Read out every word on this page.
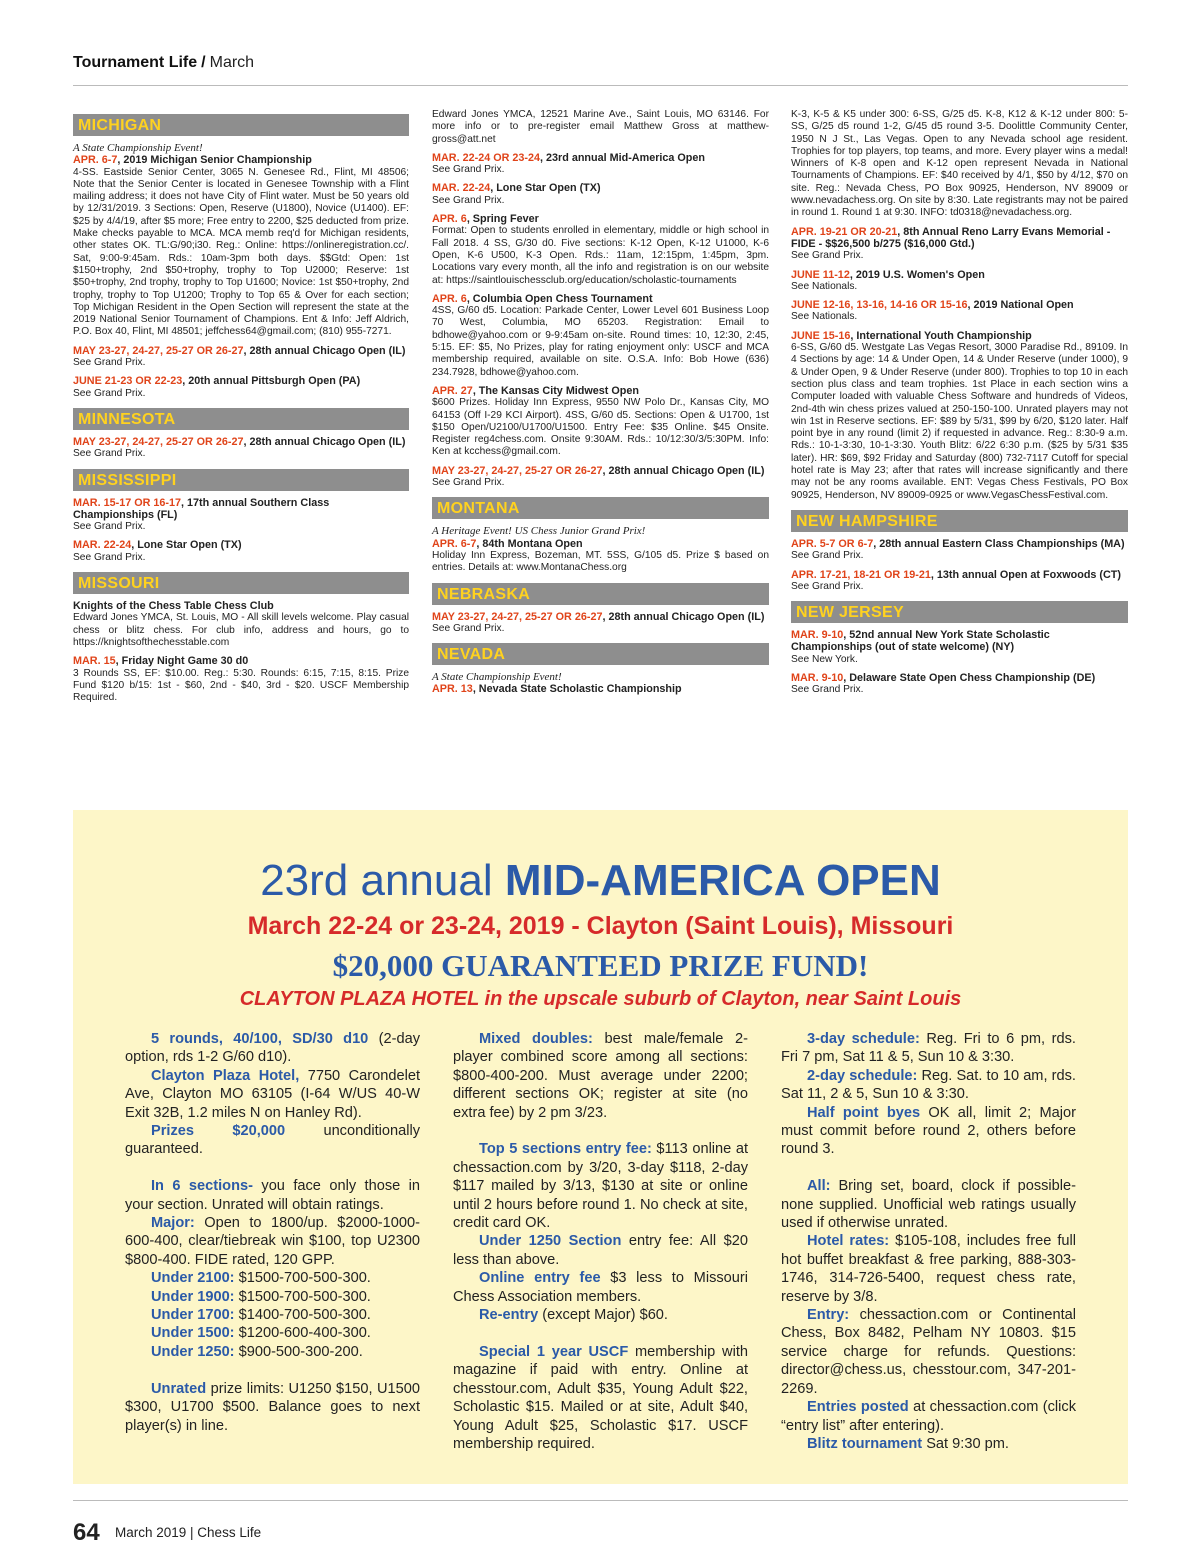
Tournament Life / March
MICHIGAN
A State Championship Event!
APR. 6-7, 2019 Michigan Senior Championship
4-SS. Eastside Senior Center, 3065 N. Genesee Rd., Flint, MI 48506; Note that the Senior Center is located in Genesee Township with a Flint mailing address; it does not have City of Flint water. Must be 50 years old by 12/31/2019. 3 Sections: Open, Reserve (U1800), Novice (U1400). EF: $25 by 4/4/19, after $5 more; Free entry to 2200, $25 deducted from prize. Make checks payable to MCA. MCA memb req'd for Michigan residents, other states OK. TL:G/90;i30. Reg.: Online: https://onlineregistration.cc/. Sat, 9:00-9:45am. Rds.: 10am-3pm both days. $$Gtd: Open: 1st $150+trophy, 2nd $50+trophy, trophy to Top U2000; Reserve: 1st $50+trophy, 2nd trophy, trophy to Top U1600; Novice: 1st $50+trophy, 2nd trophy, trophy to Top U1200; Trophy to Top 65 & Over for each section; Top Michigan Resident in the Open Section will represent the state at the 2019 National Senior Tournament of Champions. Ent & Info: Jeff Aldrich, P.O. Box 40, Flint, MI 48501; jeffchess64@gmail.com; (810) 955-7271.
MAY 23-27, 24-27, 25-27 OR 26-27, 28th annual Chicago Open (IL)
See Grand Prix.
JUNE 21-23 OR 22-23, 20th annual Pittsburgh Open (PA)
See Grand Prix.
MINNESOTA
MAY 23-27, 24-27, 25-27 OR 26-27, 28th annual Chicago Open (IL)
See Grand Prix.
MISSISSIPPI
MAR. 15-17 OR 16-17, 17th annual Southern Class Championships (FL)
See Grand Prix.
MAR. 22-24, Lone Star Open (TX)
See Grand Prix.
MISSOURI
Knights of the Chess Table Chess Club
Edward Jones YMCA, St. Louis, MO - All skill levels welcome. Play casual chess or blitz chess. For club info, address and hours, go to https://knightsofthechesstable.com
MAR. 15, Friday Night Game 30 d0
3 Rounds SS, EF: $10.00. Reg.: 5:30. Rounds: 6:15, 7:15, 8:15. Prize Fund $120 b/15: 1st - $60, 2nd - $40, 3rd - $20. USCF Membership Required.
Edward Jones YMCA, 12521 Marine Ave., Saint Louis, MO 63146. For more info or to pre-register email Matthew Gross at matthew-gross@att.net
MAR. 22-24 OR 23-24, 23rd annual Mid-America Open
See Grand Prix.
MAR. 22-24, Lone Star Open (TX)
See Grand Prix.
APR. 6, Spring Fever
Format: Open to students enrolled in elementary, middle or high school in Fall 2018. 4 SS, G/30 d0. Five sections: K-12 Open, K-12 U1000, K-6 Open, K-6 U500, K-3 Open. Rds.: 11am, 12:15pm, 1:45pm, 3pm. Locations vary every month, all the info and registration is on our website at: https://saintlouischessclub.org/education/scholastic-tournaments
APR. 6, Columbia Open Chess Tournament
4SS, G/60 d5. Location: Parkade Center, Lower Level 601 Business Loop 70 West, Columbia, MO 65203. Registration: Email to bdhowe@yahoo.com or 9-9:45am on-site. Round times: 10, 12:30, 2:45, 5:15. EF: $5, No Prizes, play for rating enjoyment only: USCF and MCA membership required, available on site. O.S.A. Info: Bob Howe (636) 234.7928, bdhowe@yahoo.com.
APR. 27, The Kansas City Midwest Open
$600 Prizes. Holiday Inn Express, 9550 NW Polo Dr., Kansas City, MO 64153 (Off I-29 KCI Airport). 4SS, G/60 d5. Sections: Open & U1700, 1st $150 Open/U2100/U1700/U1500. Entry Fee: $35 Online. $45 Onsite. Register reg4chess.com. Onsite 9:30AM. Rds.: 10/12:30/3/5:30PM. Info: Ken at kcchess@gmail.com.
MAY 23-27, 24-27, 25-27 OR 26-27, 28th annual Chicago Open (IL)
See Grand Prix.
MONTANA
A Heritage Event! US Chess Junior Grand Prix!
APR. 6-7, 84th Montana Open
Holiday Inn Express, Bozeman, MT. 5SS, G/105 d5. Prize $ based on entries. Details at: www.MontanaChess.org
NEBRASKA
MAY 23-27, 24-27, 25-27 OR 26-27, 28th annual Chicago Open (IL)
See Grand Prix.
NEVADA
A State Championship Event!
APR. 13, Nevada State Scholastic Championship
K-3, K-5 & K5 under 300: 6-SS, G/25 d5. K-8, K12 & K-12 under 800: 5-SS, G/25 d5 round 1-2, G/45 d5 round 3-5. Doolittle Community Center, 1950 N J St., Las Vegas. Open to any Nevada school age resident. Trophies for top players, top teams, and more. Every player wins a medal! Winners of K-8 open and K-12 open represent Nevada in National Tournaments of Champions. EF: $40 received by 4/1, $50 by 4/12, $70 on site. Reg.: Nevada Chess, PO Box 90925, Henderson, NV 89009 or www.nevadachess.org. On site by 8:30. Late registrants may not be paired in round 1. Round 1 at 9:30. INFO: td0318@nevadachess.org.
APR. 19-21 OR 20-21, 8th Annual Reno Larry Evans Memorial - FIDE - $$26,500 b/275 ($16,000 Gtd.)
See Grand Prix.
JUNE 11-12, 2019 U.S. Women's Open
See Nationals.
JUNE 12-16, 13-16, 14-16 OR 15-16, 2019 National Open
See Nationals.
JUNE 15-16, International Youth Championship
6-SS, G/60 d5. Westgate Las Vegas Resort, 3000 Paradise Rd., 89109. In 4 Sections by age: 14 & Under Open, 14 & Under Reserve (under 1000), 9 & Under Open, 9 & Under Reserve (under 800). Trophies to top 10 in each section plus class and team trophies. 1st Place in each section wins a Computer loaded with valuable Chess Software and hundreds of Videos, 2nd-4th win chess prizes valued at 250-150-100. Unrated players may not win 1st in Reserve sections. EF: $89 by 5/31, $99 by 6/20, $120 later. Half point bye in any round (limit 2) if requested in advance. Reg.: 8:30-9 a.m. Rds.: 10-1-3:30, 10-1-3:30. Youth Blitz: 6/22 6:30 p.m. ($25 by 5/31 $35 later). HR: $69, $92 Friday and Saturday (800) 732-7117 Cutoff for special hotel rate is May 23; after that rates will increase significantly and there may not be any rooms available. ENT: Vegas Chess Festivals, PO Box 90925, Henderson, NV 89009-0925 or www.VegasChessFestival.com.
NEW HAMPSHIRE
APR. 5-7 OR 6-7, 28th annual Eastern Class Championships (MA)
See Grand Prix.
APR. 17-21, 18-21 OR 19-21, 13th annual Open at Foxwoods (CT)
See Grand Prix.
NEW JERSEY
MAR. 9-10, 52nd annual New York State Scholastic Championships (out of state welcome) (NY)
See New York.
MAR. 9-10, Delaware State Open Chess Championship (DE)
See Grand Prix.
23rd annual MID-AMERICA OPEN
March 22-24 or 23-24, 2019 - Clayton (Saint Louis), Missouri
$20,000 GUARANTEED PRIZE FUND!
CLAYTON PLAZA HOTEL in the upscale suburb of Clayton, near Saint Louis

5 rounds, 40/100, SD/30 d10 (2-day option, rds 1-2 G/60 d10).

Clayton Plaza Hotel, 7750 Carondelet Ave, Clayton MO 63105 (I-64 W/US 40-W Exit 32B, 1.2 miles N on Hanley Rd).

Prizes $20,000 unconditionally guaranteed.

In 6 sections- you face only those in your section. Unrated will obtain ratings.

Major: Open to 1800/up. $2000-1000-600-400, clear/tiebreak win $100, top U2300 $800-400. FIDE rated, 120 GPP.

Under 2100: $1500-700-500-300.

Under 1900: $1500-700-500-300.

Under 1700: $1400-700-500-300.

Under 1500: $1200-600-400-300.

Under 1250: $900-500-300-200.

Unrated prize limits: U1250 $150, U1500 $300, U1700 $500. Balance goes to next player(s) in line.

Mixed doubles: best male/female 2-player combined score among all sections: $800-400-200. Must average under 2200; different sections OK; register at site (no extra fee) by 2 pm 3/23.

Top 5 sections entry fee: $113 online at chessaction.com by 3/20, 3-day $118, 2-day $117 mailed by 3/13, $130 at site or online until 2 hours before round 1. No check at site, credit card OK.

Under 1250 Section entry fee: All $20 less than above.

Online entry fee $3 less to Missouri Chess Association members.

Re-entry (except Major) $60.

Special 1 year USCF membership with magazine if paid with entry. Online at chesstour.com, Adult $35, Young Adult $22, Scholastic $15. Mailed or at site, Adult $40, Young Adult $25, Scholastic $17. USCF membership required.

3-day schedule: Reg. Fri to 6 pm, rds. Fri 7 pm, Sat 11 & 5, Sun 10 & 3:30.

2-day schedule: Reg. Sat. to 10 am, rds. Sat 11, 2 & 5, Sun 10 & 3:30.

Half point byes OK all, limit 2; Major must commit before round 2, others before round 3.

All: Bring set, board, clock if possible-none supplied. Unofficial web ratings usually used if otherwise unrated.

Hotel rates: $105-108, includes free full hot buffet breakfast & free parking, 888-303-1746, 314-726-5400, request chess rate, reserve by 3/8.

Entry: chessaction.com or Continental Chess, Box 8482, Pelham NY 10803. $15 service charge for refunds. Questions: director@chess.us, chesstour.com, 347-201-2269.

Entries posted at chessaction.com (click “entry list” after entering).

Blitz tournament Sat 9:30 pm.

64 March 2019 | Chess Life
